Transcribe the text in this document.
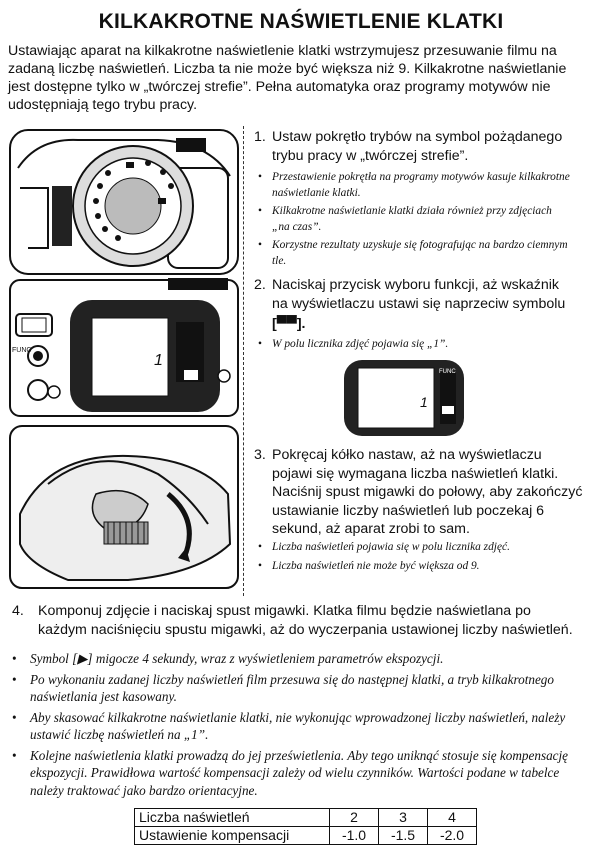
KILKAKROTNE NAŚWIETLENIE KLATKI
Ustawiając aparat na kilkakrotne naświetlenie klatki wstrzymujesz przesuwanie filmu na zadaną liczbę naświetleń. Liczba ta nie może być większa niż 9. Kilkakrotne naświetlanie jest dostępne tylko w „twórczej strefie”. Pełna automatyka oraz programy motywów nie udostępniają tego trybu pracy.
FUNC
1
1. Ustaw pokrętło trybów na symbol pożądanego trybu pracy w „twórczej strefie”.
• Przestawienie pokrętła na programy motywów kasuje kilkakrotne naświetlanie klatki.
• Kilkakrotne naświetlanie klatki działa również przy zdjęciach „na czas”.
• Korzystne rezultaty uzyskuje się fotografując na bardzo ciemnym tle.
2. Naciskaj przycisk wyboru funkcji, aż wskaźnik na wyświetlaczu ustawi się naprzeciw symbolu
[▀▀].
• W polu licznika zdjęć pojawia się „1”.
FUNC
1
3. Pokręcaj kółko nastaw, aż na wyświetlaczu pojawi się wymagana liczba naświetleń klatki. Naciśnij spust migawki do połowy, aby zakończyć ustawianie liczby naświetleń lub poczekaj 6 sekund, aż aparat zrobi to sam.
• Liczba naświetleń pojawia się w polu licznika zdjęć.
• Liczba naświetleń nie może być większa od 9.
4. Komponuj zdjęcie i naciskaj spust migawki. Klatka filmu będzie naświetlana po każdym naciśnięciu spustu migawki, aż do wyczerpania ustawionej liczby naświetleń.
• Symbol [▶] migocze 4 sekundy, wraz z wyświetleniem parametrów ekspozycji.
• Po wykonaniu zadanej liczby naświetleń film przesuwa się do następnej klatki, a tryb kilkakrotnego naświetlania jest kasowany.
• Aby skasować kilkakrotne naświetlanie klatki, nie wykonując wprowadzonej liczby naświetleń, należy ustawić liczbę naświetleń na „1”.
• Kolejne naświetlenia klatki prowadzą do jej prześwietlenia. Aby tego uniknąć stosuje się kompensację ekspozycji. Prawidłowa wartość kompensacji zależy od wielu czynników. Wartości podane w tabelce należy traktować jako bardzo orientacyjne.
Liczba naświetleń	2	3	4
Ustawienie kompensacji	-1.0	-1.5	-2.0
